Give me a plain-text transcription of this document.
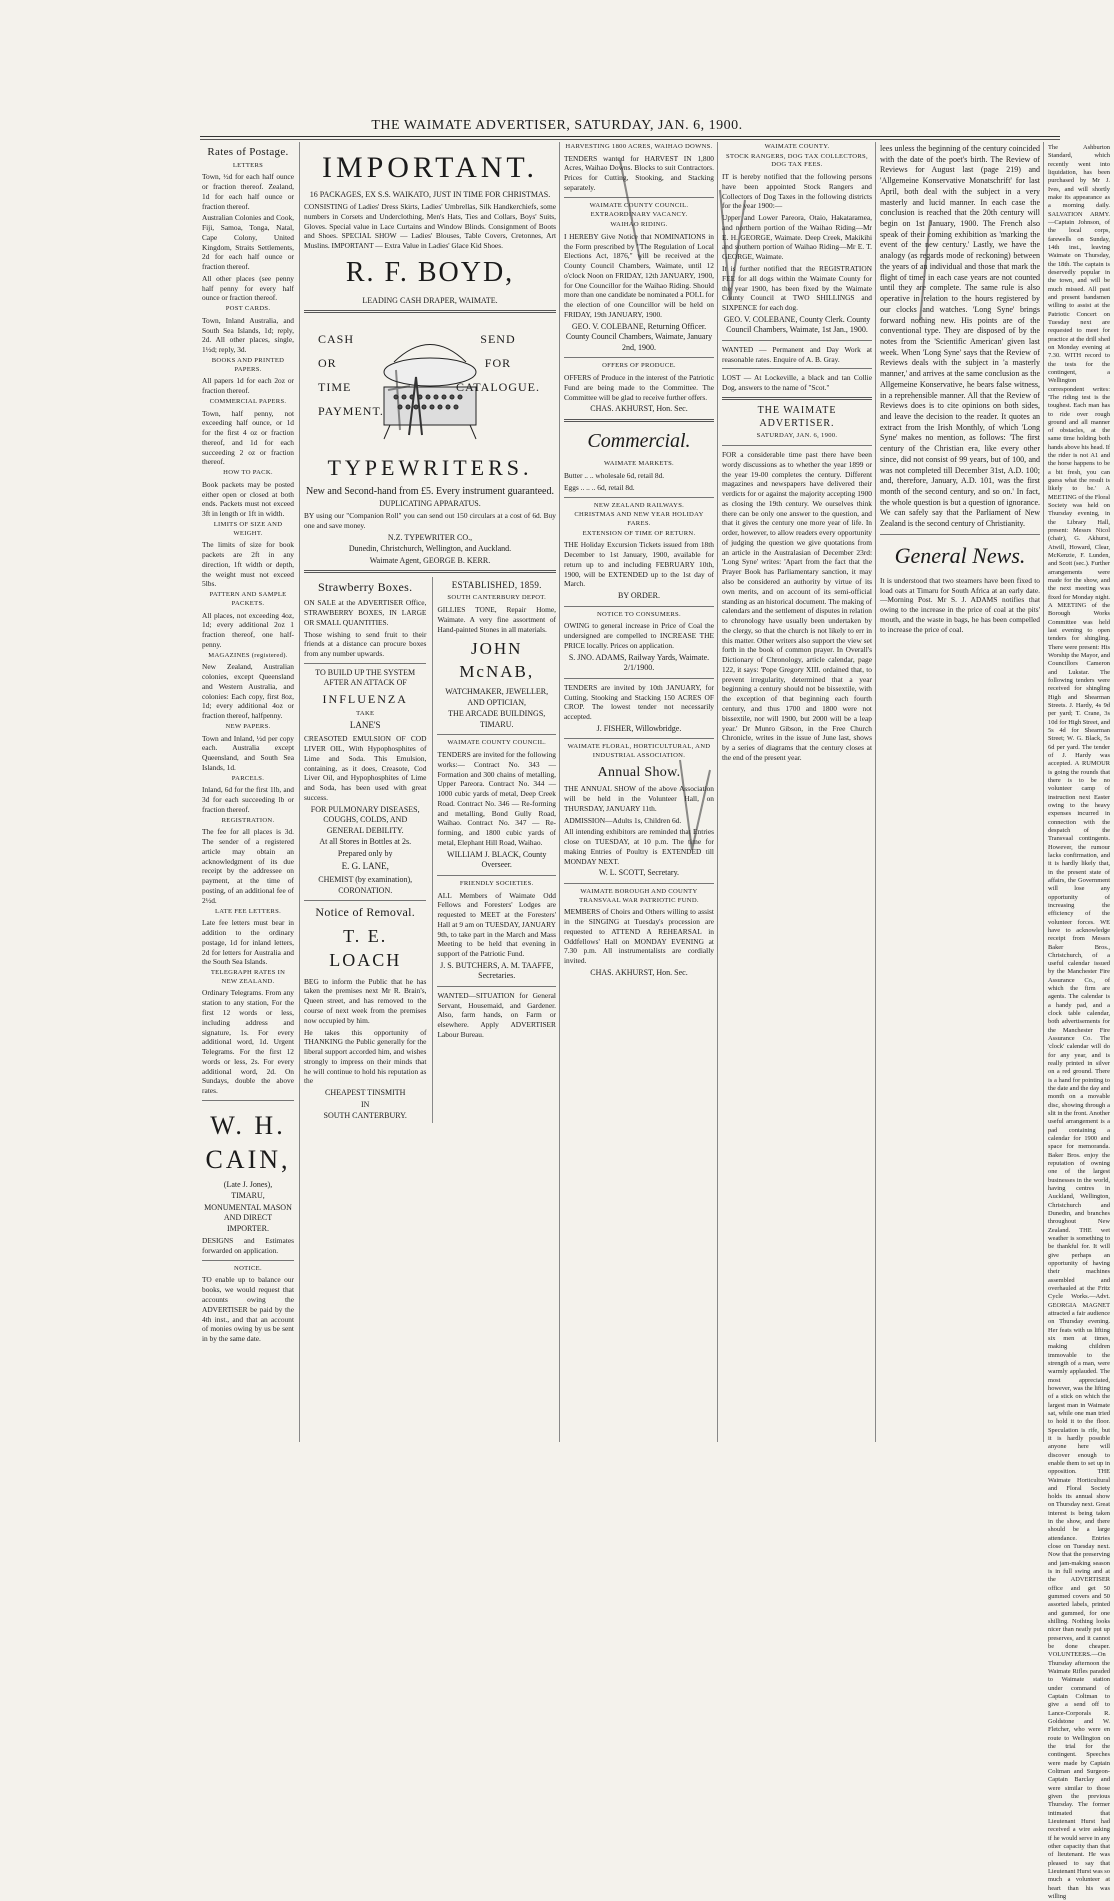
THE WAIMATE ADVERTISER, SATURDAY, JAN. 6, 1900.
Rates of Postage.
LETTERS
Town, ½d for each half ounce or fraction thereof. Zealand, 1d for each half ounce or fraction thereof.
Australian Colonies and Cook, Fiji, Samoa, Tonga, Natal, Cape Colony, United Kingdom, Straits Settlements, 2d for each half ounce or fraction thereof.
All other places (see penny half penny for every half ounce or fraction thereof.
POST CARDS.
Town, Inland Australia, and South Sea Islands, 1d; reply, 2d. All other places, single, 1½d; reply, 3d.
BOOKS AND PRINTED PAPERS.
All papers 1d for each 2oz or fraction thereof.
COMMERCIAL PAPERS.
Town, half penny, not exceeding half ounce, or 1d for the first 4 oz or fraction thereof, and 1d for each succeeding 2 oz or fraction thereof.
HOW TO PACK.
Book packets may be posted either open or closed at both ends. Packets must not exceed 3ft in length or 1ft in width.
LIMITS OF SIZE AND WEIGHT.
The limits of size for book packets are 2ft in any direction, 1ft width or depth, the weight must not exceed 5lbs.
PATTERN AND SAMPLE PACKETS.
All places, not exceeding 4oz, 1d; every additional 2oz 1 fraction thereof, one half-penny.
MAGAZINES (registered).
New Zealand, Australian colonies, except Queensland and Western Australia, and colonies: Each copy, first 8oz, 1d; every additional 4oz or fraction thereof, halfpenny.
NEW PAPERS.
Town and Inland, ½d per copy each. Australia except Queensland, and South Sea Islands, 1d.
PARCELS.
Inland, 6d for the first 1lb, and 3d for each succeeding lb or fraction thereof.
REGISTRATION.
The fee for all places is 3d. The sender of a registered article may obtain an acknowledgment of its due receipt by the addressee on payment, at the time of posting, of an additional fee of 2½d.
LATE FEE LETTERS.
Late fee letters must bear in addition to the ordinary postage, 1d for inland letters, 2d for letters for Australia and the South Sea Islands.
TELEGRAPH RATES IN NEW ZEALAND.
Ordinary Telegrams. From any station to any station, For the first 12 words or less, including address and signature, 1s. For every additional word, 1d. Urgent Telegrams. For the first 12 words or less, 2s. For every additional word, 2d. On Sundays, double the above rates.
W. H. CAIN,
(Late J. Jones),
TIMARU,
MONUMENTAL MASON AND DIRECT IMPORTER.
DESIGNS and Estimates forwarded on application.
NOTICE.
TO enable up to balance our books, we would request that accounts owing the ADVERTISER be paid by the 4th inst., and that an account of monies owing by us be sent in by the same date.
IMPORTANT.
16 PACKAGES, EX S.S. WAIKATO, JUST IN TIME FOR CHRISTMAS.
CONSISTING of Ladies' Dress Skirts, Ladies' Umbrellas, Silk Handkerchiefs, some numbers in Corsets and Underclothing, Men's Hats, Ties and Collars, Boys' Suits, Gloves. Special value in Lace Curtains and Window Blinds. Consignment of Boots and Shoes. SPECIAL SHOW — Ladies' Blouses, Table Covers, Cretonnes, Art Muslins. IMPORTANT — Extra Value in Ladies' Glace Kid Shoes.
R. F. BOYD,
LEADING CASH DRAPER, WAIMATE.
CASH
OR
TIME
PAYMENT.
SEND
FOR
CATALOGUE.
TYPEWRITERS.
New and Second-hand from £5. Every instrument guaranteed.
DUPLICATING APPARATUS.
BY using our "Companion Roll" you can send out 150 circulars at a cost of 6d. Buy one and save money.
N.Z. TYPEWRITER CO.,
Dunedin, Christchurch, Wellington, and Auckland.
Waimate Agent, GEORGE B. KERR.
Strawberry Boxes.
ON SALE at the ADVERTISER Office, STRAWBERRY BOXES, IN LARGE OR SMALL QUANTITIES.
Those wishing to send fruit to their friends at a distance can procure boxes from any number upwards.
TO BUILD UP THE SYSTEM AFTER AN ATTACK OF
INFLUENZA
TAKE
LANE'S
CREASOTED EMULSION OF COD LIVER OIL, With Hypophosphites of Lime and Soda. This Emulsion, containing, as it does, Creasote, Cod Liver Oil, and Hypophosphites of Lime and Soda, has been used with great success.
FOR PULMONARY DISEASES, COUGHS, COLDS, AND GENERAL DEBILITY.
At all Stores in Bottles at 2s.
Prepared only by
E. G. LANE,
CHEMIST (by examination), CORONATION.
Notice of Removal.
T. E. LOACH
BEG to inform the Public that he has taken the premises next Mr R. Brain's, Queen street, and has removed to the course of next week from the premises now occupied by him.
He takes this opportunity of THANKING the Public generally for the liberal support accorded him, and wishes strongly to impress on their minds that he will continue to hold his reputation as the
CHEAPEST TINSMITH
IN
SOUTH CANTERBURY.
ESTABLISHED, 1859.
SOUTH CANTERBURY DEPOT.
GILLIES TONE, Repair Home, Waimate. A very fine assortment of Hand-painted Stones in all materials.
JOHN McNAB,
WATCHMAKER, JEWELLER, AND OPTICIAN,
THE ARCADE BUILDINGS, TIMARU.
WAIMATE COUNTY COUNCIL.
TENDERS are invited for the following works:— Contract No. 343 — Formation and 300 chains of metalling, Upper Pareora. Contract No. 344 — 1000 cubic yards of metal, Deep Creek Road. Contract No. 346 — Re-forming and metalling, Bond Gully Road, Waihao. Contract No. 347 — Re-forming, and 1800 cubic yards of metal, Elephant Hill Road, Waihao.
WILLIAM J. BLACK, County Overseer.
FRIENDLY SOCIETIES.
ALL Members of Waimate Odd Fellows and Foresters' Lodges are requested to MEET at the Foresters' Hall at 9 am on TUESDAY, JANUARY 9th, to take part in the March and Mass Meeting to be held that evening in support of the Patriotic Fund.
J. S. BUTCHERS, A. M. TAAFFE, Secretaries.
WANTED—SITUATION for General Servant, Housemaid, and Gardener. Also, farm hands, on Farm or elsewhere. Apply ADVERTISER Labour Bureau.
HARVESTING 1800 ACRES, WAIHAO DOWNS.
TENDERS wanted for HARVEST IN 1,800 Acres, Waihao Downs. Blocks to suit Contractors. Prices for Cutting, Stooking, and Stacking separately.
WAIMATE COUNTY COUNCIL.
EXTRAORDINARY VACANCY.
WAIHAO RIDING.
I HEREBY Give Notice that NOMINATIONS in the Form prescribed by "The Regulation of Local Elections Act, 1876," will be received at the County Council Chambers, Waimate, until 12 o'clock Noon on FRIDAY, 12th JANUARY, 1900, for One Councillor for the Waihao Riding. Should more than one candidate be nominated a POLL for the election of one Councillor will be held on FRIDAY, 19th JANUARY, 1900.
GEO. V. COLEBANE, Returning Officer. County Council Chambers, Waimate, January 2nd, 1900.
OFFERS OF PRODUCE.
OFFERS of Produce in the interest of the Patriotic Fund are being made to the Committee. The Committee will be glad to receive further offers.
CHAS. AKHURST, Hon. Sec.
Commercial.
WAIMATE MARKETS.
Butter .. .. wholesale 6d, retail 8d.
Eggs .. .. .. 6d, retail 8d.
NEW ZEALAND RAILWAYS.
CHRISTMAS AND NEW YEAR HOLIDAY FARES.
EXTENSION OF TIME OF RETURN.
THE Holiday Excursion Tickets issued from 18th December to 1st January, 1900, available for return up to and including FEBRUARY 10th, 1900, will be EXTENDED up to the 1st day of March.
BY ORDER.
NOTICE TO CONSUMERS.
OWING to general increase in Price of Coal the undersigned are compelled to INCREASE THE PRICE locally. Prices on application.
S. JNO. ADAMS, Railway Yards, Waimate. 2/1/1900.
TENDERS are invited by 10th JANUARY, for Cutting, Stooking and Stacking 150 ACRES OF CROP. The lowest tender not necessarily accepted.
J. FISHER, Willowbridge.
WAIMATE FLORAL, HORTICULTURAL, AND INDUSTRIAL ASSOCIATION.
Annual Show.
THE ANNUAL SHOW of the above Association will be held in the Volunteer Hall, on THURSDAY, JANUARY 11th.
ADMISSION—Adults 1s, Children 6d.
All intending exhibitors are reminded that Entries close on TUESDAY, at 10 p.m. The time for making Entries of Poultry is EXTENDED till MONDAY NEXT.
W. L. SCOTT, Secretary.
WAIMATE BOROUGH AND COUNTY TRANSVAAL WAR PATRIOTIC FUND.
MEMBERS of Choirs and Others willing to assist in the SINGING at Tuesday's procession are requested to ATTEND A REHEARSAL in Oddfellows' Hall on MONDAY EVENING at 7.30 p.m. All instrumentalists are cordially invited.
CHAS. AKHURST, Hon. Sec.
WAIMATE COUNTY.
STOCK RANGERS, DOG TAX COLLECTORS, DOG TAX FEES.
IT is hereby notified that the following persons have been appointed Stock Rangers and Collectors of Dog Taxes in the following districts for the year 1900:—
Upper and Lower Pareora, Otaio, Hakataramea, and northern portion of the Waihao Riding—Mr E. H. GEORGE, Waimate. Deep Creek, Makikihi and southern portion of Waihao Riding—Mr E. T. GEORGE, Waimate.
It is further notified that the REGISTRATION FEE for all dogs within the Waimate County for the year 1900, has been fixed by the Waimate County Council at TWO SHILLINGS and SIXPENCE for each dog.
GEO. V. COLEBANE, County Clerk. County Council Chambers, Waimate, 1st Jan., 1900.
WANTED — Permanent and Day Work at reasonable rates. Enquire of A. B. Gray.
LOST — At Lockeville, a black and tan Collie Dog, answers to the name of "Scot."
THE WAIMATE ADVERTISER.
SATURDAY, JAN. 6, 1900.
FOR a considerable time past there have been wordy discussions as to whether the year 1899 or the year 19-00 completes the century. Different magazines and newspapers have delivered their verdicts for or against the majority accepting 1900 as closing the 19th century. We ourselves think there can be only one answer to the question, and that it gives the century one more year of life. In order, however, to allow readers every opportunity of judging the question we give quotations from an article in the Australasian of December 23rd: 'Long Syne' writes: 'Apart from the fact that the Prayer Book has Parliamentary sanction, it may also be considered an authority by virtue of its own merits, and on account of its semi-official standing as an historical document. The making of calendars and the settlement of disputes in relation to chronology have usually been undertaken by the clergy, so that the church is not likely to err in this matter. Other writers also support the view set forth in the book of common prayer. In Overall's Dictionary of Chronology, article calendar, page 122, it says: 'Pope Gregory XIII. ordained that, to prevent irregularity, determined that a year beginning a century should not be bissextile, with the exception of that beginning each fourth century, and thus 1700 and 1800 were not bissextile, nor will 1900, but 2000 will be a leap year.' Dr Munro Gibson, in the Free Church Chronicle, writes in the issue of June last, shows by a series of diagrams that the century closes at the end of the present year.
lees unless the beginning of the century coincided with the date of the poet's birth. The Review of Reviews for August last (page 219) and 'Allgemeine Konservative Monatschrift' for last April, both deal with the subject in a very masterly and lucid manner. In each case the conclusion is reached that the 20th century will begin on 1st January, 1900. The French also speak of their coming exhibition as 'marking the event of the new century.' Lastly, we have the analogy (as regards mode of reckoning) between the years of an individual and those that mark the flight of time: in each case years are not counted until they are complete. The same rule is also operative in relation to the hours registered by our clocks and watches. 'Long Syne' brings forward nothing new. His points are of the conventional type. They are disposed of by the notes from the 'Scientific American' given last week. When 'Long Syne' says that the Review of Reviews deals with the subject in 'a masterly manner,' and arrives at the same conclusion as the Allgemeine Konservative, he bears false witness, in a reprehensible manner. All that the Review of Reviews does is to cite opinions on both sides, and leave the decision to the reader. It quotes an extract from the Irish Monthly, of which 'Long Syne' makes no mention, as follows: 'The first century of the Christian era, like every other since, did not consist of 99 years, but of 100, and was not completed till December 31st, A.D. 100; and, therefore, January, A.D. 101, was the first month of the second century, and so on.' In fact, the whole question is but a question of ignorance. We can safely say that the Parliament of New Zealand is the second century of Christianity.
General News.
It is understood that two steamers have been fixed to load oats at Timaru for South Africa at an early date.—Morning Post. Mr S. J. ADAMS notifies that owing to the increase in the price of coal at the pits' mouth, and the waste in bags, he has been compelled to increase the price of coal.
The Ashburton Standard, which recently went into liquidation, has been purchased by Mr J. Ives, and will shortly make its appearance as a morning daily. SALVATION ARMY.—Captain Johnson, of the local corps, farewells on Sunday, 14th inst., leaving Waimate on Thursday, the 18th. The captain is deservedly popular in the town, and will be much missed. All past and present bandsmen willing to assist at the Patriotic Concert on Tuesday next are requested to meet for practice at the drill shed on Monday evening at 7.30. WITH record to the tests for the contingent, a Wellington correspondent writes: 'The riding test is the toughest. Each man has to ride over rough ground and all manner of obstacles, at the same time holding both hands above his head. If the rider is not A1 and the horse happens to be a bit fresh, you can guess what the result is likely to be.' A MEETING of the Floral Society was held on Thursday evening, in the Library Hall, present: Messrs Nicol (chair), G. Akhurst, Atwill, Howard, Clear, McKenzie, F. Lunden, and Scott (sec.). Further arrangements were made for the show, and the next meeting was fixed for Monday night. A MEETING of the Borough Works Committee was held last evening to open tenders for shingling. There were present: His Worship the Mayor, and Councillors Cameron and Lukstar. The following tenders were received for shingling High and Shearman Streets. J. Hardy, 4s 9d per yard; T. Crane, 3s 10d for High Street, and 5s 4d for Shearman Street; W. G. Black, 5s 6d per yard. The tender of J. Hardy was accepted. A RUMOUR is going the rounds that there is to be no volunteer camp of instruction next Easter owing to the heavy expenses incurred in connection with the despatch of the Transvaal contingents. However, the rumour lacks confirmation, and it is hardly likely that, in the present state of affairs, the Government will lose any opportunity of increasing the efficiency of the volunteer forces. WE have to acknowledge receipt from Messrs Baker Bros., Christchurch, of a useful calendar issued by the Manchester Fire Assurance Co., of which the firm are agents. The calendar is a handy pad, and a clock table calendar, both advertisements for the Manchester Fire Assurance Co. The 'clock' calendar will do for any year, and is really printed in silver on a red ground. There is a hand for pointing to the date and the day and month on a movable disc, showing through a slit in the front. Another useful arrangement is a pad containing a calendar for 1900 and space for memoranda. Baker Bros. enjoy the reputation of owning one of the largest businesses in the world, having centres in Auckland, Wellington, Christchurch and Dunedin, and branches throughout New Zealand. THE wet weather is something to be thankful for. It will give perhaps an opportunity of having their machines assembled and overhauled at the Fritz Cycle Works.—Advt. GEORGIA MAGNET attracted a fair audience on Thursday evening. Her feats with us lifting six men at times, making children immovable to the strength of a man, were warmly applauded. The most appreciated, however, was the lifting of a stick on which the largest man in Waimate sat, while one man tried to hold it to the floor. Speculation is rife, but it is hardly possible anyone here will discover enough to enable them to set up in opposition. THE Waimate Horticultural and Floral Society holds its annual show on Thursday next. Great interest is being taken in the show, and there should be a large attendance. Entries close on Tuesday next. Now that the preserving and jam-making season is in full swing and at the ADVERTISER office and get 50 gummed covers and 50 assorted labels, printed and gummed, for one shilling. Nothing looks nicer than neatly put up preserves, and it cannot be done cheaper. VOLUNTEERS.—On Thursday afternoon the Waimate Rifles paraded to Waimate station under command of Captain Coltman to give a send off to Lance-Corporals R. Goldstone and W. Fletcher, who were en route to Wellington on the trial for the contingent. Speeches were made by Captain Coltman and Surgeon-Captain Barclay and were similar to those given the previous Thursday. The former intimated that Lieutenant Hurst had received a wire asking if he would serve in any other capacity than that of lieutenant. He was pleased to say that Lieutenant Hurst was so much a volunteer at heart than his was willing
